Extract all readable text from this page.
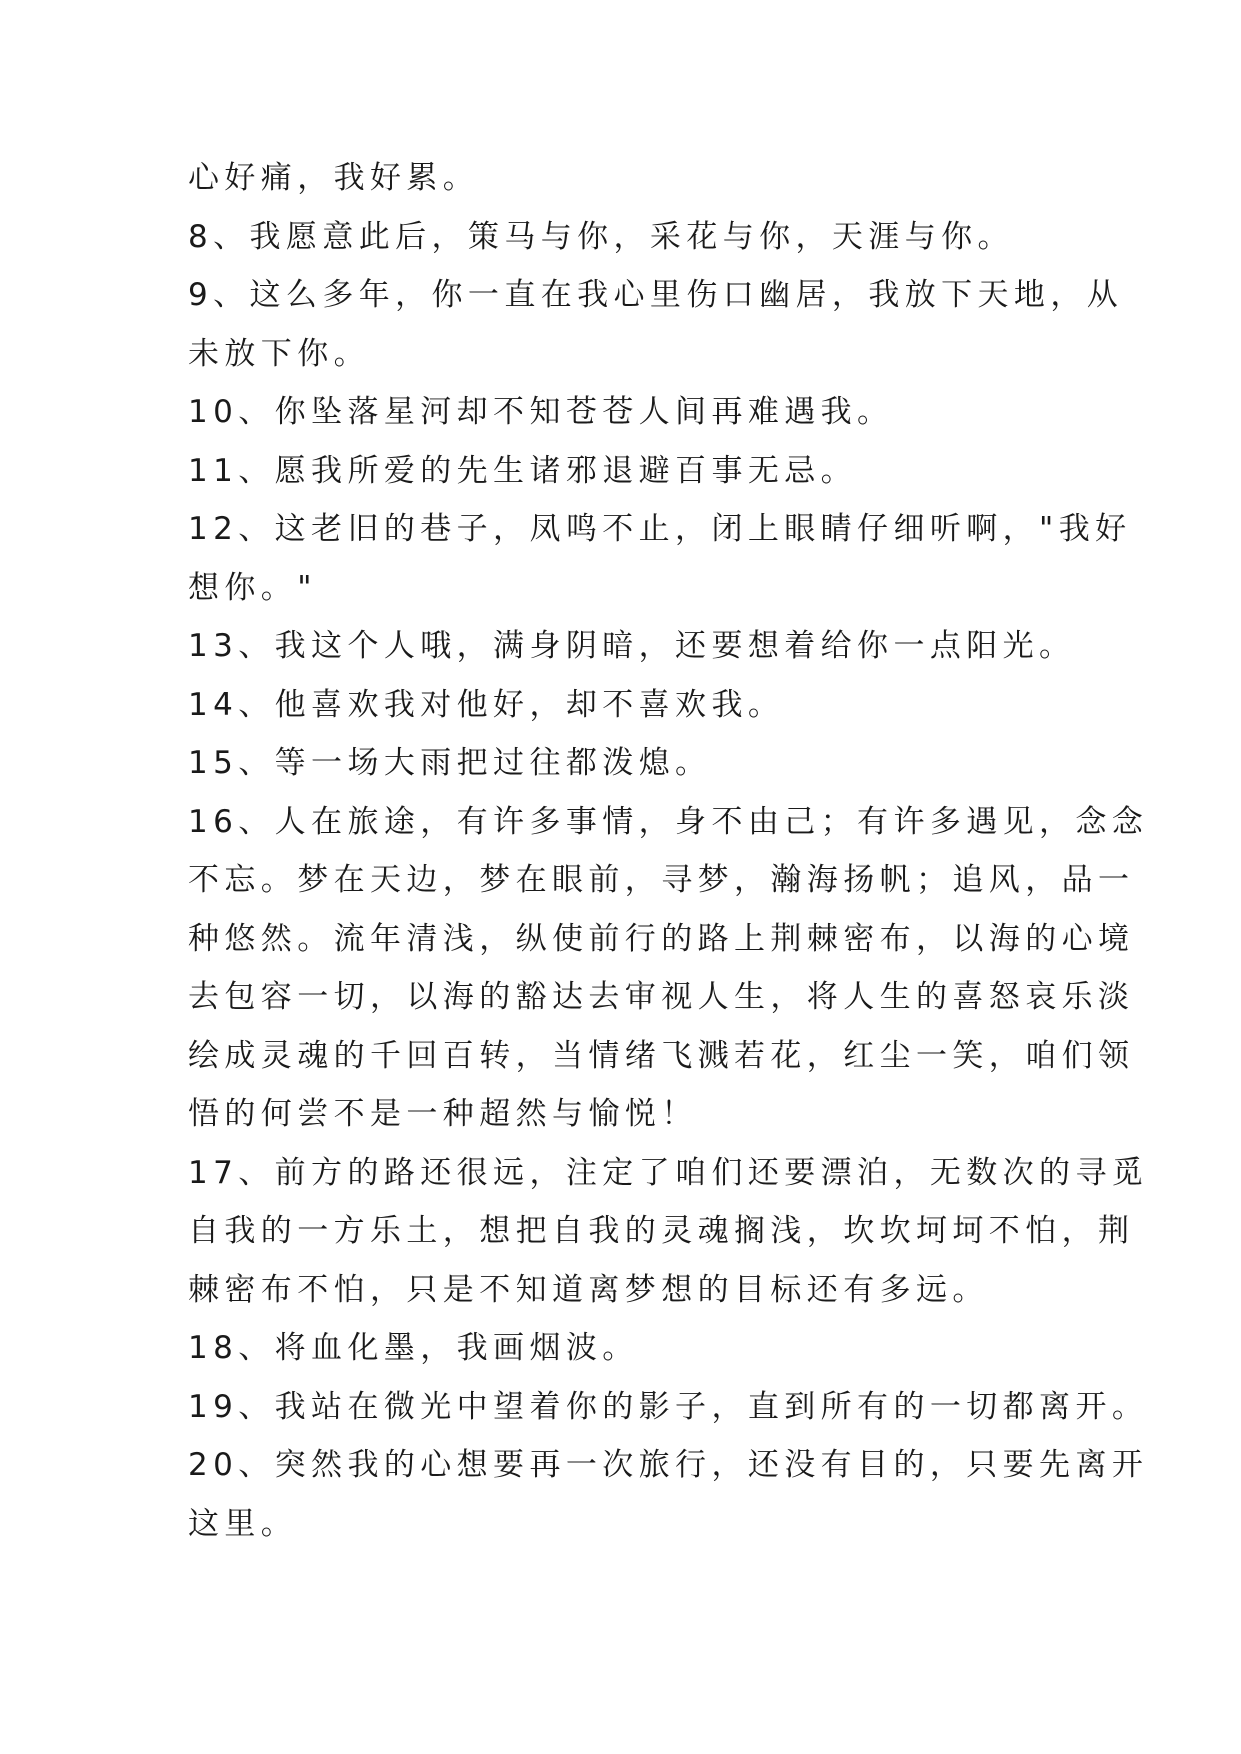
心好痛，我好累。
8、我愿意此后，策马与你，采花与你，天涯与你。
9、这么多年，你一直在我心里伤口幽居，我放下天地，从
未放下你。
10、你坠落星河却不知苍苍人间再难遇我。
11、愿我所爱的先生诸邪退避百事无忌。
12、这老旧的巷子，凤鸣不止，闭上眼睛仔细听啊，"我好
想你。"
13、我这个人哦，满身阴暗，还要想着给你一点阳光。
14、他喜欢我对他好，却不喜欢我。
15、等一场大雨把过往都泼熄。
16、人在旅途，有许多事情，身不由己；有许多遇见，念念
不忘。梦在天边，梦在眼前，寻梦，瀚海扬帆；追风，品一
种悠然。流年清浅，纵使前行的路上荆棘密布，以海的心境
去包容一切，以海的豁达去审视人生，将人生的喜怒哀乐淡
绘成灵魂的千回百转，当情绪飞溅若花，红尘一笑，咱们领
悟的何尝不是一种超然与愉悦！
17、前方的路还很远，注定了咱们还要漂泊，无数次的寻觅
自我的一方乐土，想把自我的灵魂搁浅，坎坎坷坷不怕，荆
棘密布不怕，只是不知道离梦想的目标还有多远。
18、将血化墨，我画烟波。
19、我站在微光中望着你的影子，直到所有的一切都离开。
20、突然我的心想要再一次旅行，还没有目的，只要先离开
这里。
